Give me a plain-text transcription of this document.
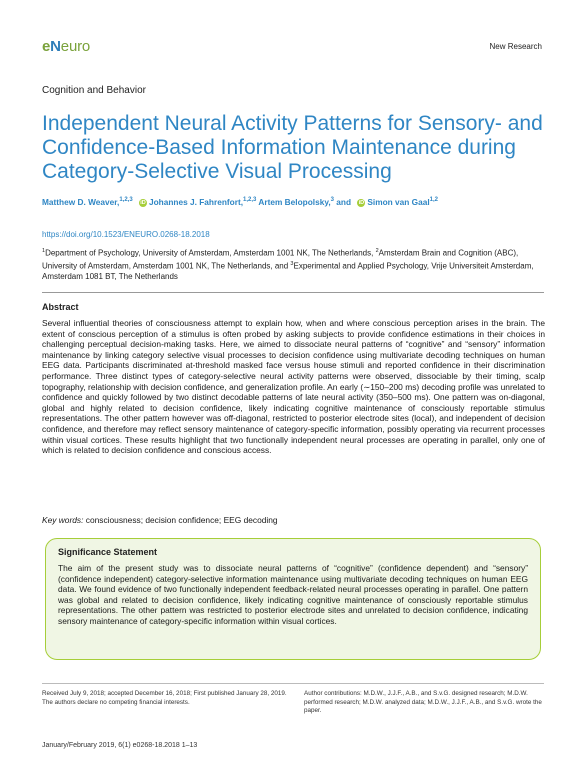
eNeuro	New Research
Cognition and Behavior
Independent Neural Activity Patterns for Sensory- and Confidence-Based Information Maintenance during Category-Selective Visual Processing
Matthew D. Weaver,$^{1,2,3}$ iD Johannes J. Fahrenfort,$^{1,2,3}$ Artem Belopolsky,$^3$ and iD Simon van Gaal$^{1,2}$
https://doi.org/10.1523/ENEURO.0268-18.2018
$^1$Department of Psychology, University of Amsterdam, Amsterdam 1001 NK, The Netherlands, $^2$Amsterdam Brain and Cognition (ABC), University of Amsterdam, Amsterdam 1001 NK, The Netherlands, and $^3$Experimental and Applied Psychology, Vrije Universiteit Amsterdam, Amsterdam 1081 BT, The Netherlands
Abstract
Several influential theories of consciousness attempt to explain how, when and where conscious perception arises in the brain. The extent of conscious perception of a stimulus is often probed by asking subjects to provide confidence estimations in their choices in challenging perceptual decision-making tasks. Here, we aimed to dissociate neural patterns of “cognitive” and “sensory” information maintenance by linking category selective visual processes to decision confidence using multivariate decoding techniques on human EEG data. Participants discriminated at-threshold masked face versus house stimuli and reported confidence in their discrimination performance. Three distinct types of category-selective neural activity patterns were observed, dissociable by their timing, scalp topography, relationship with decision confidence, and generalization profile. An early (∼150–200 ms) decoding profile was unrelated to confidence and quickly followed by two distinct decodable patterns of late neural activity (350–500 ms). One pattern was on-diagonal, global and highly related to decision confidence, likely indicating cognitive maintenance of consciously reportable stimulus representations. The other pattern however was off-diagonal, restricted to posterior electrode sites (local), and independent of decision confidence, and therefore may reflect sensory maintenance of category-specific information, possibly operating via recurrent processes within visual cortices. These results highlight that two functionally independent neural processes are operating in parallel, only one of which is related to decision confidence and conscious access.
Key words: consciousness; decision confidence; EEG decoding
Significance Statement
The aim of the present study was to dissociate neural patterns of “cognitive” (confidence dependent) and “sensory” (confidence independent) category-selective information maintenance using multivariate decoding techniques on human EEG data. We found evidence of two functionally independent feedback-related neural processes operating in parallel. One pattern was global and related to decision confidence, likely indicating cognitive maintenance of consciously reportable stimulus representations. The other pattern was restricted to posterior electrode sites and unrelated to decision confidence, indicating sensory maintenance of category-specific information within visual cortices.
Received July 9, 2018; accepted December 16, 2018; First published January 28, 2019.
The authors declare no competing financial interests.
Author contributions: M.D.W., J.J.F., A.B., and S.v.G. designed research; M.D.W. performed research; M.D.W. analyzed data; M.D.W., J.J.F., A.B., and S.v.G. wrote the paper.
January/February 2019, 6(1) e0268-18.2018 1–13
